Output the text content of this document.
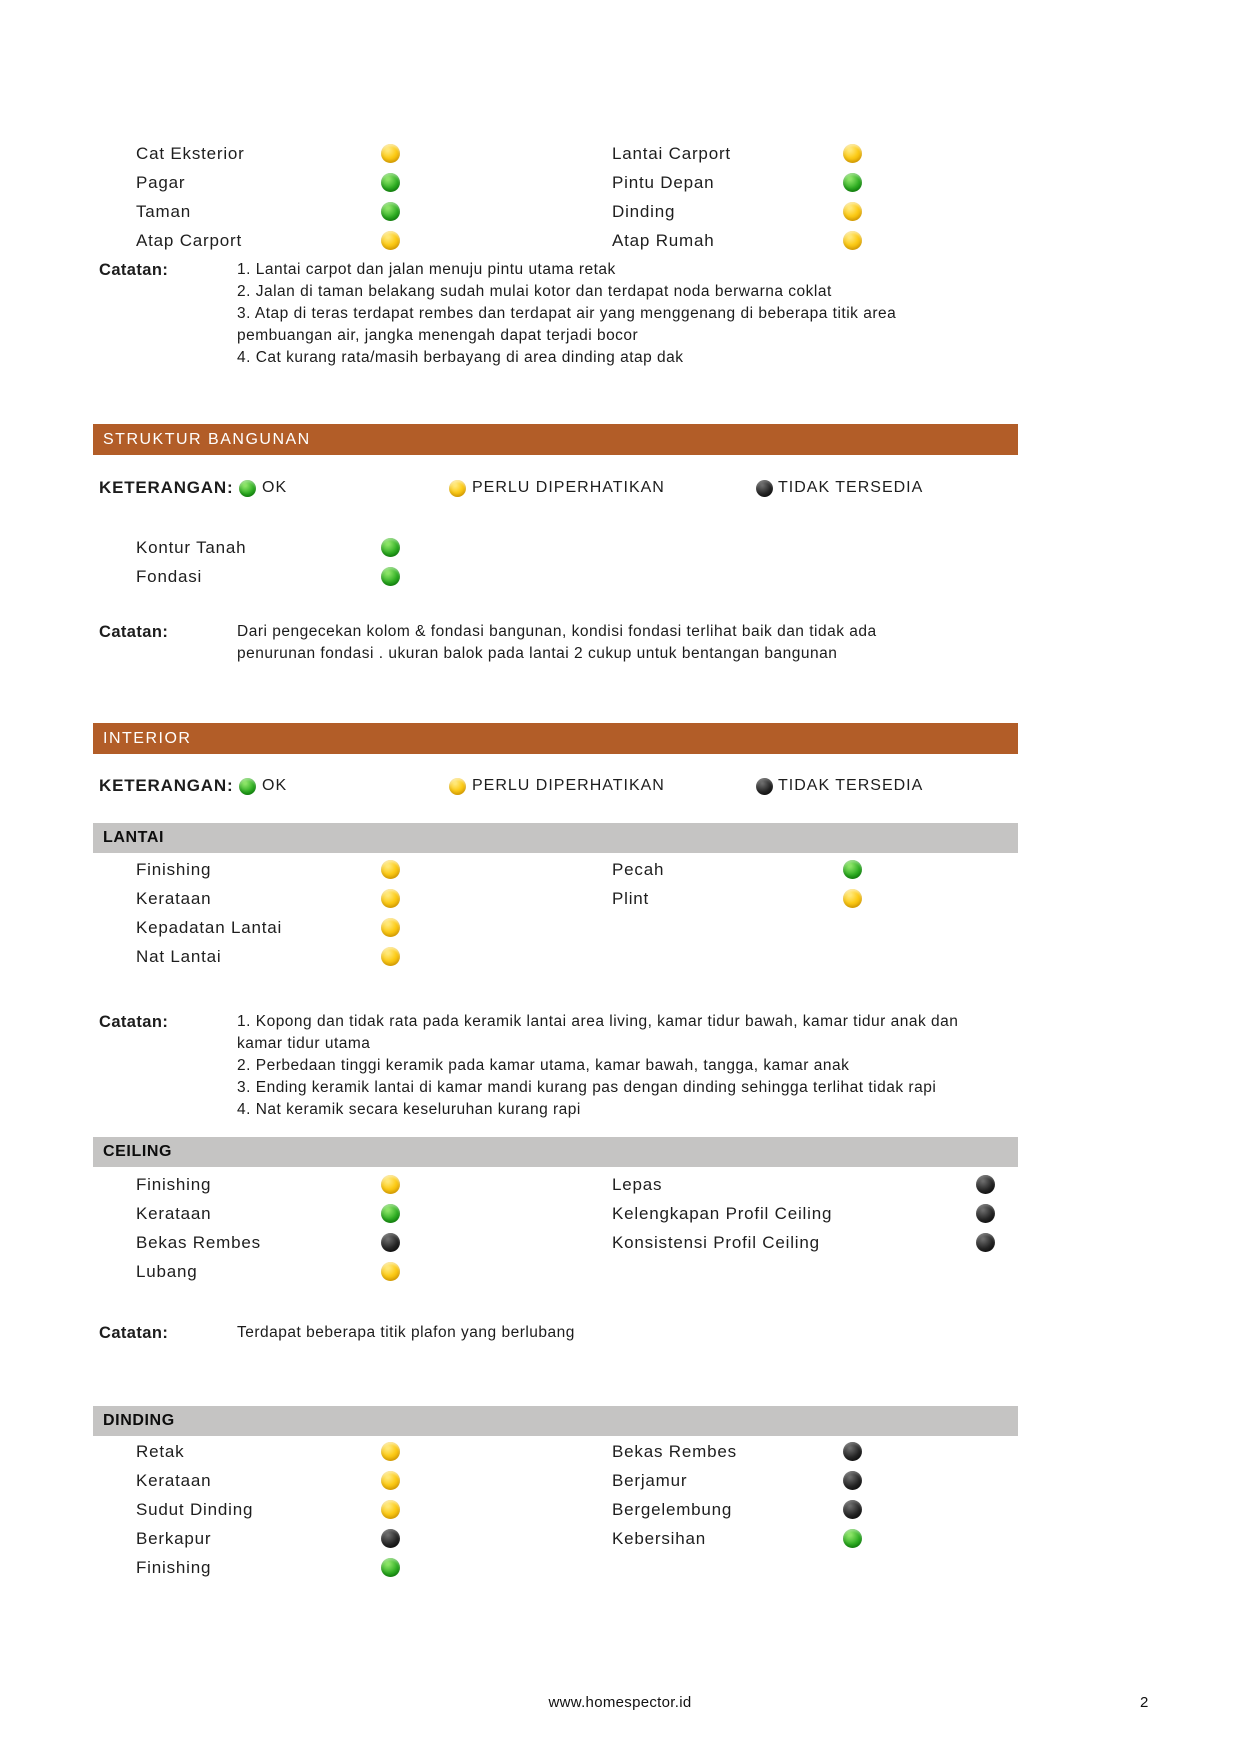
Cat Eksterior	Lantai Carport
Pagar	Pintu Depan
Taman	Dinding
Atap Carport	Atap Rumah
Catatan:	1. Lantai carpot dan jalan menuju pintu utama retak
2. Jalan di taman belakang sudah mulai kotor dan terdapat noda berwarna coklat
3. Atap di teras terdapat rembes dan terdapat air yang menggenang di beberapa titik area
pembuangan air, jangka menengah dapat terjadi bocor
4. Cat kurang rata/masih berbayang di area dinding atap dak
STRUKTUR BANGUNAN
KETERANGAN: OK	PERLU DIPERHATIKAN	TIDAK TERSEDIA
Kontur Tanah
Fondasi
Catatan:	Dari pengecekan kolom & fondasi bangunan, kondisi fondasi terlihat baik dan tidak ada
penurunan fondasi . ukuran balok pada lantai 2 cukup untuk bentangan bangunan
INTERIOR
KETERANGAN: OK	PERLU DIPERHATIKAN	TIDAK TERSEDIA
LANTAI
Finishing	Pecah
Kerataan	Plint
Kepadatan Lantai
Nat Lantai
Catatan:	1. Kopong dan tidak rata pada keramik lantai area living, kamar tidur bawah, kamar tidur anak dan
kamar tidur utama
2. Perbedaan tinggi keramik pada kamar utama, kamar bawah, tangga, kamar anak
3. Ending keramik lantai di kamar mandi kurang pas dengan dinding sehingga terlihat tidak rapi
4. Nat keramik secara keseluruhan kurang rapi
CEILING
Finishing	Lepas
Kerataan	Kelengkapan Profil Ceiling
Bekas Rembes	Konsistensi Profil Ceiling
Lubang
Catatan:	Terdapat beberapa titik plafon yang berlubang
DINDING
Retak	Bekas Rembes
Kerataan	Berjamur
Sudut Dinding	Bergelembung
Berkapur	Kebersihan
Finishing
www.homespector.id	2
